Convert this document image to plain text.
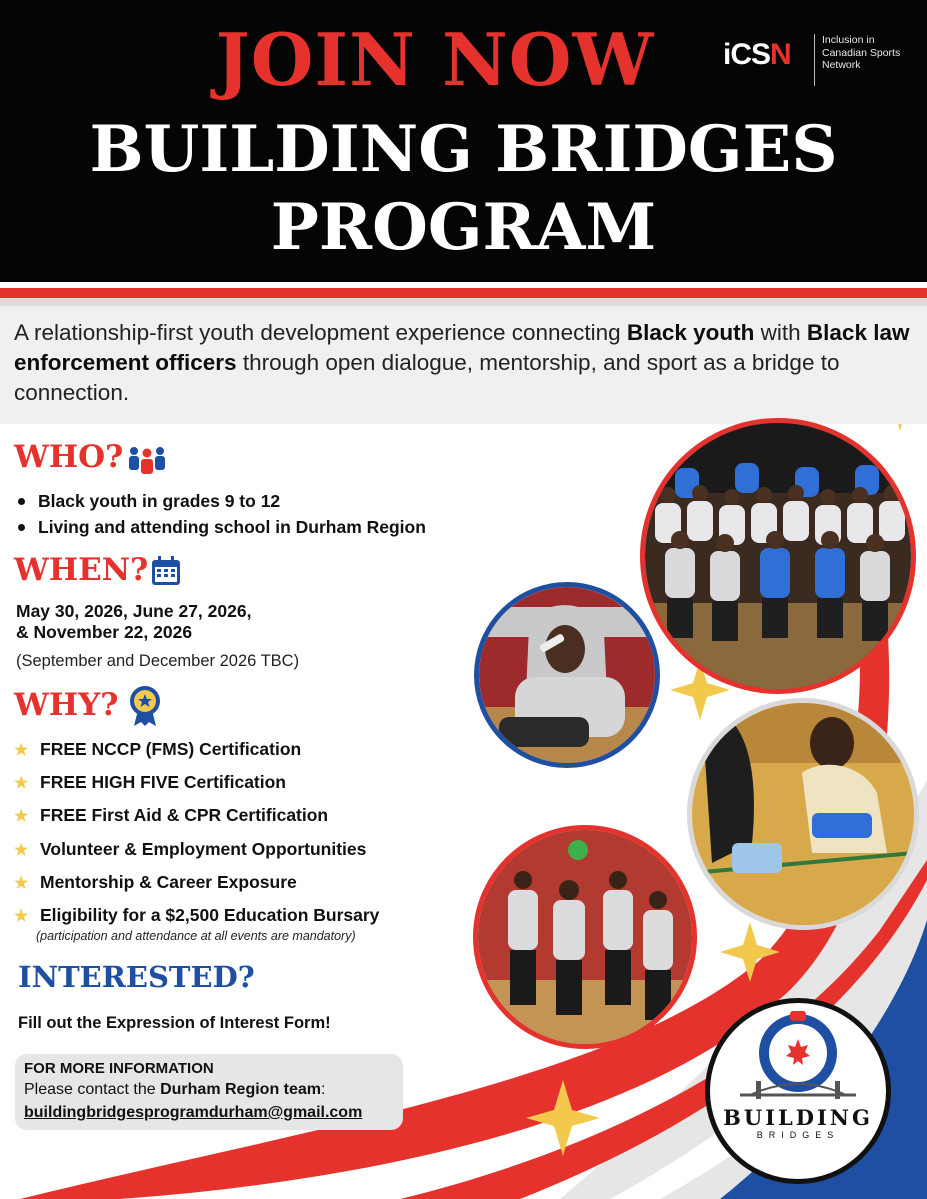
JOIN NOW
BUILDING BRIDGES
PROGRAM
iCSN	Inclusion in Canadian Sports Network

A relationship-first youth development experience connecting Black youth with Black law enforcement officers through open dialogue, mentorship, and sport as a bridge to connection.

WHO?
Black youth in grades 9 to 12
Living and attending school in Durham Region
WHEN?
May 30, 2026, June 27, 2026,
& November 22, 2026
(September and December 2026 TBC)
WHY?
★ FREE NCCP (FMS) Certification
★ FREE HIGH FIVE Certification
★ FREE First Aid & CPR Certification
★ Volunteer & Employment Opportunities
★ Mentorship & Career Exposure
★ Eligibility for a $2,500 Education Bursary
(participation and attendance at all events are mandatory)
INTERESTED?
Fill out the Expression of Interest Form!
FOR MORE INFORMATION
Please contact the Durham Region team:
buildingbridgesprogramdurham@gmail.com	BUILDING
BRIDGES
